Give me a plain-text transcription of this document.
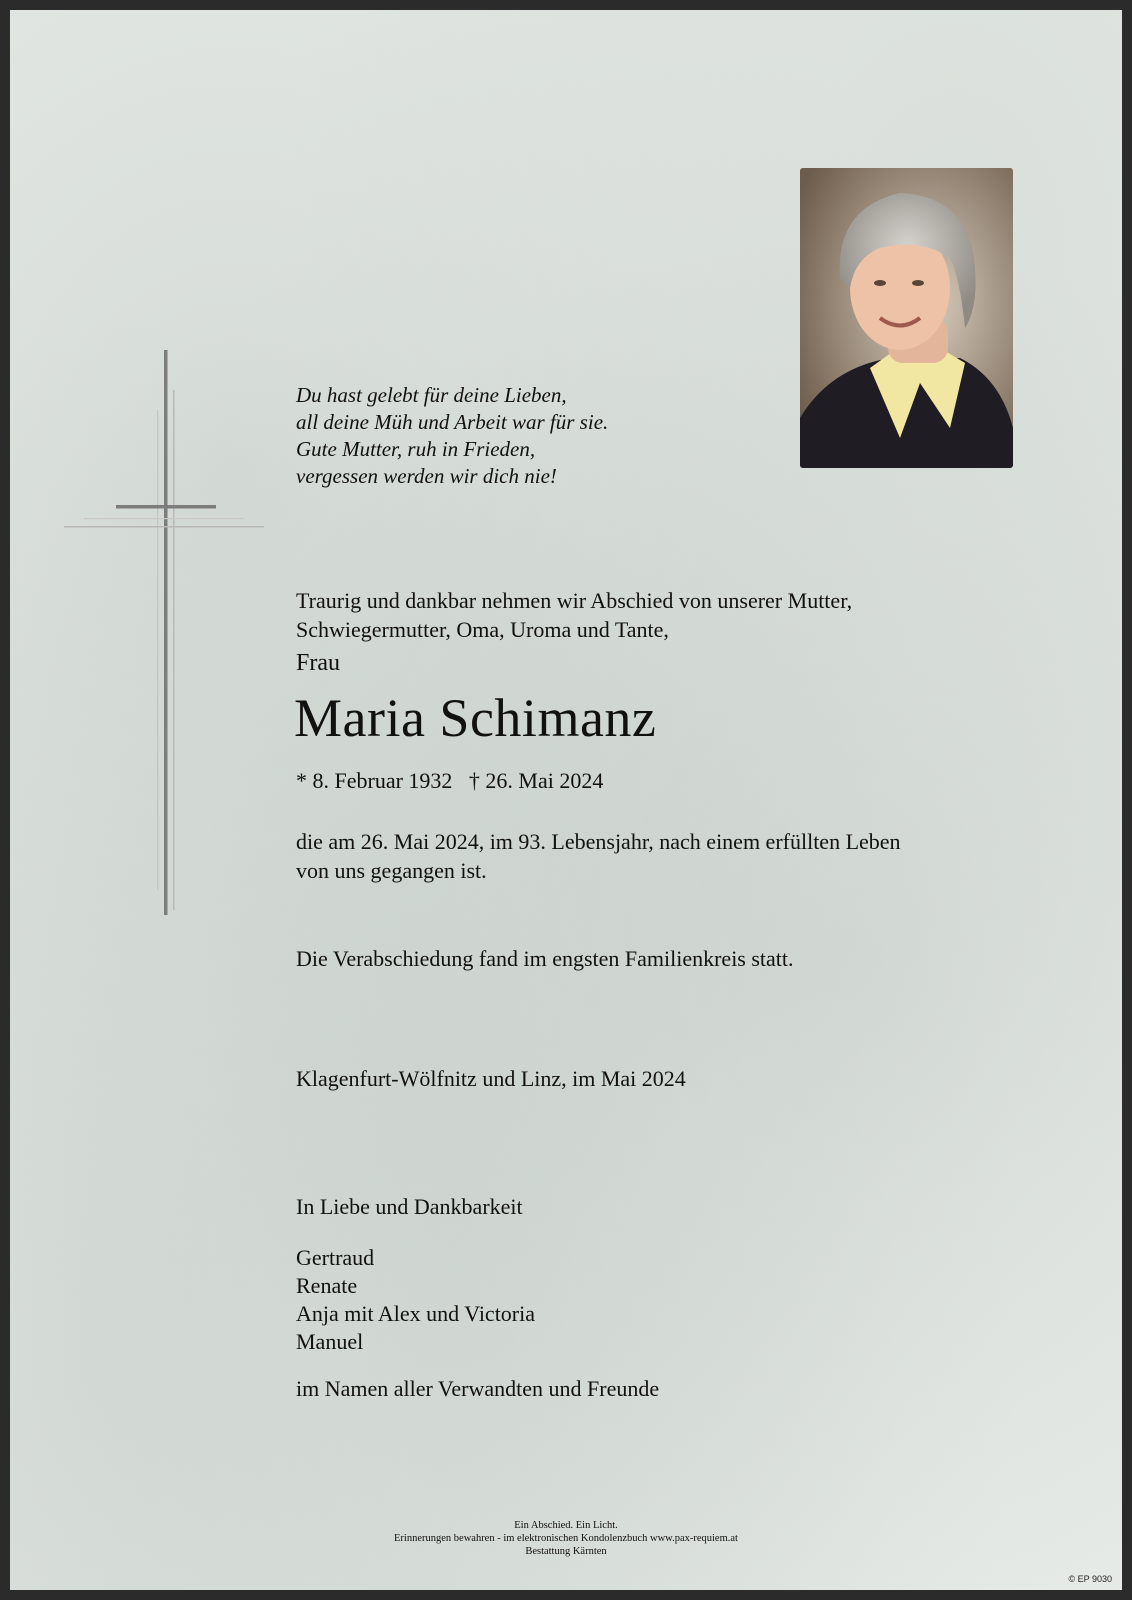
Du hast gelebt für deine Lieben,
all deine Müh und Arbeit war für sie.
Gute Mutter, ruh in Frieden,
vergessen werden wir dich nie!
Traurig und dankbar nehmen wir Abschied von unserer Mutter,
Schwiegermutter, Oma, Uroma und Tante,
Frau
Maria Schimanz
* 8. Februar 1932   † 26. Mai 2024
die am 26. Mai 2024, im 93. Lebensjahr, nach einem erfüllten Leben
von uns gegangen ist.
Die Verabschiedung fand im engsten Familienkreis statt.
Klagenfurt-Wölfnitz und Linz, im Mai 2024
In Liebe und Dankbarkeit
Gertraud
Renate
Anja mit Alex und Victoria
Manuel
im Namen aller Verwandten und Freunde
Ein Abschied. Ein Licht.
Erinnerungen bewahren - im elektronischen Kondolenzbuch www.pax-requiem.at
Bestattung Kärnten
© EP 9030
